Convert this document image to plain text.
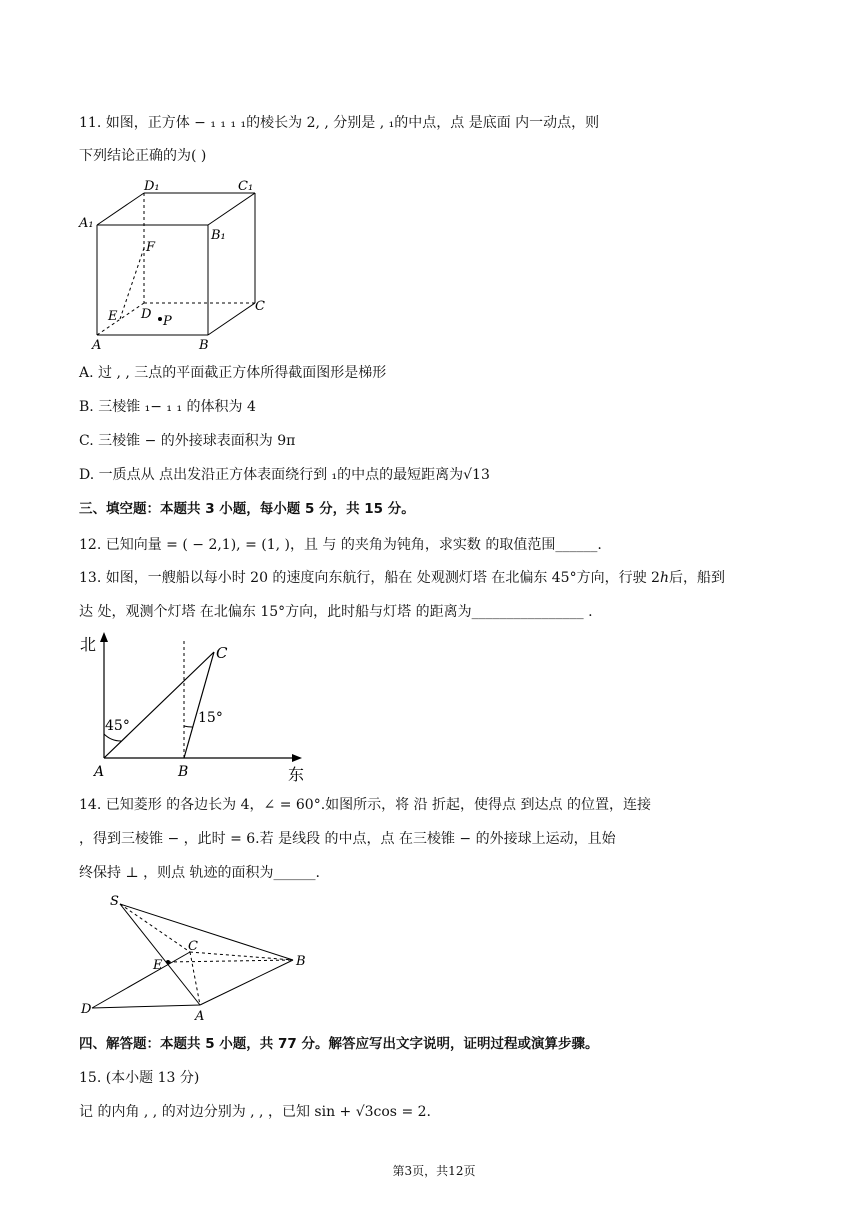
11. 如图，正方体 − ₁ ₁ ₁ ₁的棱长为 2, , 分别是 , ₁的中点，点 是底面 内一动点，则
下列结论正确的为( )
D₁	C₁
A₁
B₁
F
E D P
C
A	B
A. 过 , , 三点的平面截正方体所得截面图形是梯形
B. 三棱锥 ₁− ₁ ₁ 的体积为 4
C. 三棱锥 − 的外接球表面积为 9π
D. 一质点从 点出发沿正方体表面绕行到 ₁的中点的最短距离为√13
三、填空题：本题共 3 小题，每小题 5 分，共 15 分。
12. 已知向量 = ( − 2,1), = (1, )，且 与 的夹角为钝角，求实数 的取值范围______.
13. 如图，一艘船以每小时 20 的速度向东航行，船在 处观测灯塔 在北偏东 45°方向，行驶 2ℎ后，船到
达 处，观测个灯塔 在北偏东 15°方向，此时船与灯塔 的距离为________________ .
北	C
45°	15°
A	B	东
14. 已知菱形 的各边长为 4，∠ = 60°.如图所示，将 沿 折起，使得点 到达点 的位置，连接
，得到三棱锥 − ，此时 = 6.若 是线段 的中点，点 在三棱锥 − 的外接球上运动，且始
终保持 ⊥ ，则点 轨迹的面积为______.
S
C
E	B
D	A
四、解答题：本题共 5 小题，共 77 分。解答应写出文字说明，证明过程或演算步骤。
15. (本小题 13 分)
记 的内角 , , 的对边分别为 , , ，已知 sin + √3cos = 2.
第3页，共12页
